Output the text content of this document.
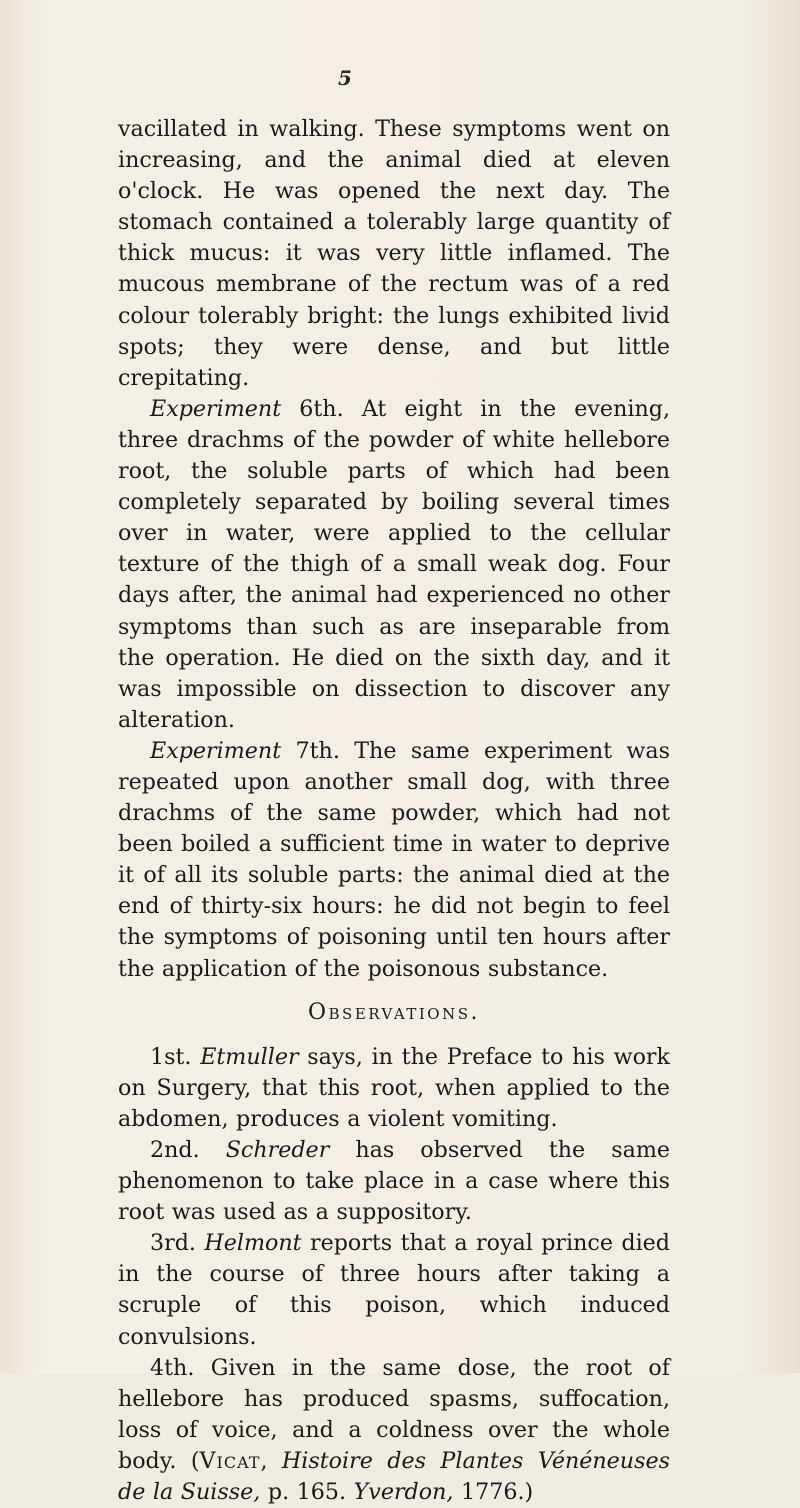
5

vacillated in walking. These symptoms went on increasing, and the animal died at eleven o'clock. He was opened the next day. The stomach contained a tolerably large quantity of thick mucus: it was very little inflamed. The mucous membrane of the rectum was of a red colour tolerably bright: the lungs exhibited livid spots; they were dense, and but little crepitating.

Experiment 6th. At eight in the evening, three drachms of the powder of white hellebore root, the soluble parts of which had been completely separated by boiling several times over in water, were applied to the cellular texture of the thigh of a small weak dog. Four days after, the animal had experienced no other symptoms than such as are inseparable from the operation. He died on the sixth day, and it was impossible on dissection to discover any alteration.

Experiment 7th. The same experiment was repeated upon another small dog, with three drachms of the same powder, which had not been boiled a sufficient time in water to deprive it of all its soluble parts: the animal died at the end of thirty-six hours: he did not begin to feel the symptoms of poisoning until ten hours after the application of the poisonous substance.

Observations.

1st. Etmuller says, in the Preface to his work on Surgery, that this root, when applied to the abdomen, produces a violent vomiting.

2nd. Schreder has observed the same phenomenon to take place in a case where this root was used as a suppository.

3rd. Helmont reports that a royal prince died in the course of three hours after taking a scruple of this poison, which induced convulsions.

4th. Given in the same dose, the root of hellebore has produced spasms, suffocation, loss of voice, and a coldness over the whole body. (Vicat, Histoire des Plantes Vénéneuses de la Suisse, p. 165. Yverdon, 1776.)
